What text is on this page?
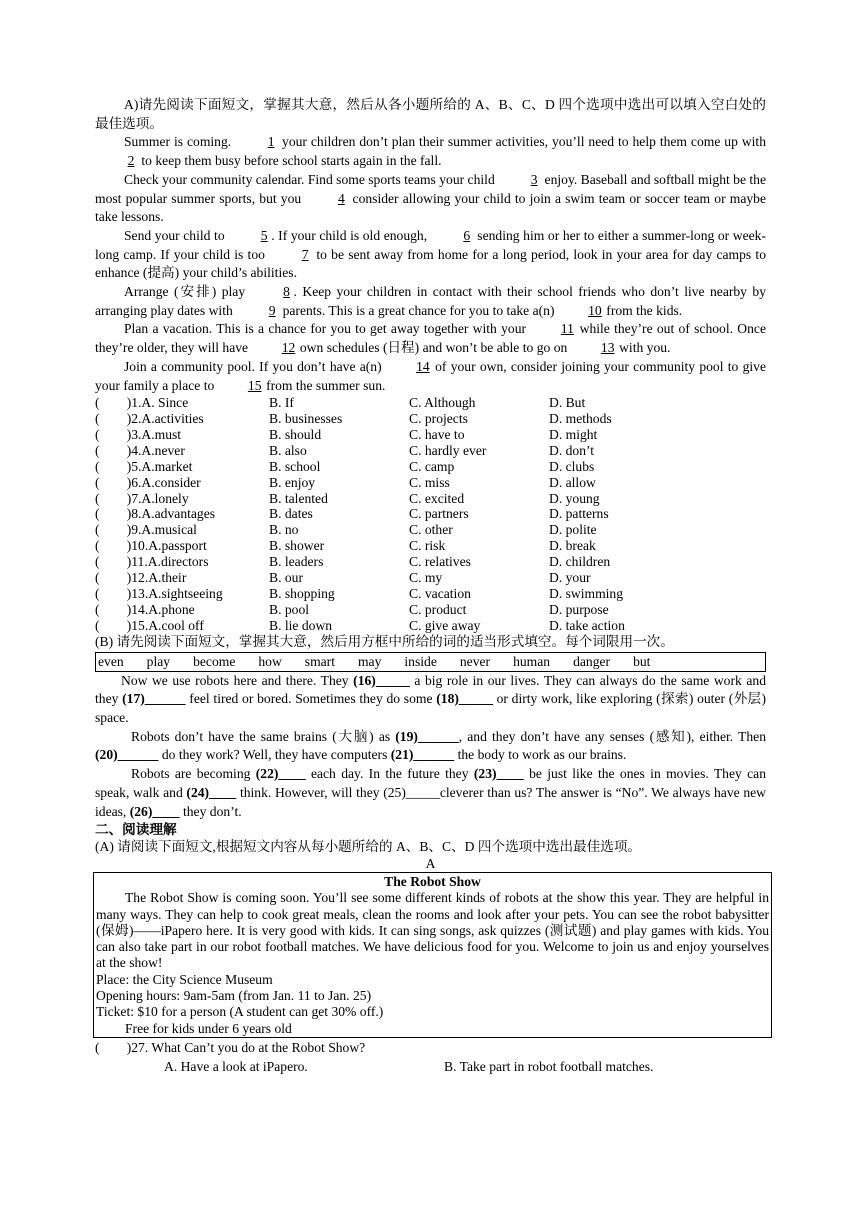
A)请先阅读下面短文，掌握其大意，然后从各小题所给的 A、B、C、D 四个选项中选出可以填入空白处的最佳选项。

Summer is coming. 1 your children don’t plan their summer activities, you’ll need to help them come up with 2 to keep them busy before school starts again in the fall.

Check your community calendar. Find some sports teams your child 3 enjoy. Baseball and softball might be the most popular summer sports, but you 4 consider allowing your child to join a swim team or soccer team or maybe take lessons.

Send your child to 5 . If your child is old enough, 6 sending him or her to either a summer-long or week-long camp. If your child is too 7 to be sent away from home for a long period, look in your area for day camps to enhance (提高) your child’s abilities.

Arrange (安排) play 8 . Keep your children in contact with their school friends who don’t live nearby by arranging play dates with 9 parents. This is a great chance for you to take a(n) 10 from the kids.

Plan a vacation. This is a chance for you to get away together with your 11 while they’re out of school. Once they’re older, they will have 12 own schedules (日程) and won’t be able to go on 13 with you.

Join a community pool. If you don’t have a(n) 14 of your own, consider joining your community pool to give your family a place to 15 from the summer sun.

(　　)1.A. Since	B. If	C. Although	D. But
(　　)2.A.activities	B. businesses	C. projects	D. methods
(　　)3.A.must	B. should	C. have to	D. might
(　　)4.A.never	B. also	C. hardly ever	D. don’t
(　　)5.A.market	B. school	C. camp	D. clubs
(　　)6.A.consider	B. enjoy	C. miss	D. allow
(　　)7.A.lonely	B. talented	C. excited	D. young
(　　)8.A.advantages	B. dates	C. partners	D. patterns
(　　)9.A.musical	B. no	C. other	D. polite
(　　)10.A.passport	B. shower	C. risk	D. break
(　　)11.A.directors	B. leaders	C. relatives	D. children
(　　)12.A.their	B. our	C. my	D. your
(　　)13.A.sightseeing	B. shopping	C. vacation	D. swimming
(　　)14.A.phone	B. pool	C. product	D. purpose
(　　)15.A.cool off	B. lie down	C. give away	D. take action

(B) 请先阅读下面短文，掌握其大意，然后用方框中所给的词的适当形式填空。每个词限用一次。

even play become how smart may inside never human danger but

Now we use robots here and there. They (16)_____ a big role in our lives. They can always do the same work and they (17)______ feel tired or bored. Sometimes they do some (18)_____ or dirty work, like exploring (探索) outer (外层) space.

Robots don’t have the same brains (大脑) as (19)______, and they don’t have any senses (感知), either. Then (20)______ do they work? Well, they have computers (21)______ the body to work as our brains.

Robots are becoming (22)____ each day. In the future they (23)____ be just like the ones in movies. They can speak, walk and (24)____ think. However, will they (25)_____cleverer than us? The answer is “No”. We always have new ideas, (26)____ they don’t.

二、阅读理解

(A) 请阅读下面短文,根据短文内容从每小题所给的 A、B、C、D 四个选项中选出最佳选项。

A

The Robot Show

The Robot Show is coming soon. You’ll see some different kinds of robots at the show this year. They are helpful in many ways. They can help to cook great meals, clean the rooms and look after your pets. You can see the robot babysitter (保姆)——iPapero here. It is very good with kids. It can sing songs, ask quizzes (测试题) and play games with kids. You can also take part in our robot football matches. We have delicious food for you. Welcome to join us and enjoy yourselves at the show!

Place: the City Science Museum

Opening hours: 9am-5am (from Jan. 11 to Jan. 25)

Ticket: $10 for a person (A student can get 30% off.)

Free for kids under 6 years old

(　　)27. What Can’t you do at the Robot Show?

A. Have a look at iPapero.	B. Take part in robot football matches.
